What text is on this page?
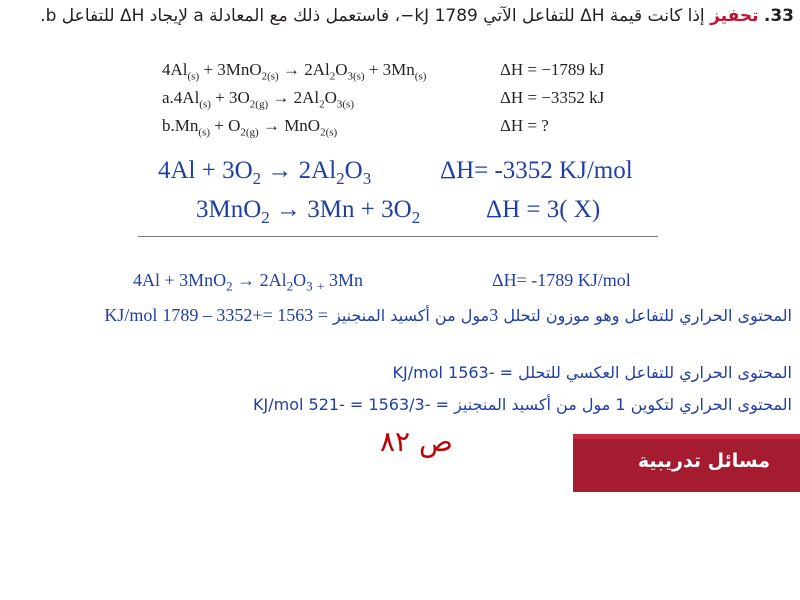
33. تحفيز إذا كانت قيمة ΔH للتفاعل الآتي 1789 kJ−، فاستعمل ذلك مع المعادلة a لإيجاد ΔH للتفاعل b.
$4Al_{(s)} + 3MnO_{2(s)} \to 2Al_2O_{3(s)} + 3Mn_{(s)}$	ΔH = −1789 kJ
$a.4Al_{(s)} + 3O_{2(g)} \to 2Al_2O_{3(s)}$	ΔH = −3352 kJ
$b.Mn_{(s)} + O_{2(g)} \to MnO_{2(s)}$	ΔH = ?
$4Al + 3O_2 \to 2Al_2O_3$	ΔH= -3352 KJ/mol
$3MnO_2 \to 3Mn + 3O_2$	ΔH = 3( X)
$4Al + 3MnO_2 \to 2Al_2O_3$ $_+$ 3Mn	ΔH= -1789 KJ/mol
المحتوى الحراري للتفاعل وهو موزون لتحلل 3مول من أكسيد المنجنيز = 1563 =+3352 – 1789 KJ/mol
المحتوى الحراري للتفاعل العكسي للتحلل = -1563 KJ/mol
المحتوى الحراري لتكوين 1 مول من أكسيد المنجنيز = -1563/3 = -521 KJ/mol
ص ٨٢
مسائل تدريبية
